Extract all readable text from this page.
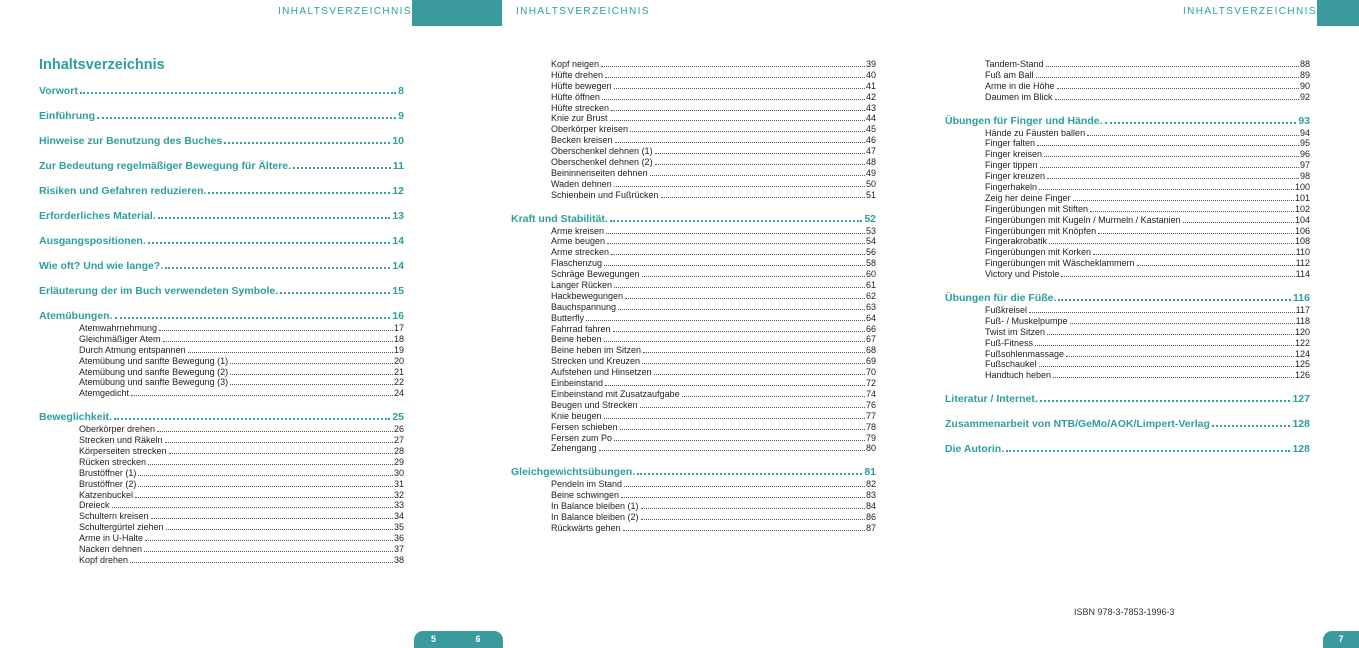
INHALTSVERZEICHNIS
Inhaltsverzeichnis
Vorwort	8
Einführung	9
Hinweise zur Benutzung des Buches	10
Zur Bedeutung regelmäßiger Bewegung für Ältere.	11
Risiken und Gefahren reduzieren.	12
Erforderliches Material.	13
Ausgangspositionen.	14
Wie oft? Und wie lange?.	14
Erläuterung der im Buch verwendeten Symbole.	15
Atemübungen.	16
Atemwahrnehmung	17
Gleichmäßiger Atem	18
Durch Atmung entspannen	19
Atemübung und sanfte Bewegung (1)	20
Atemübung und sanfte Bewegung (2)	21
Atemübung und sanfte Bewegung (3)	22
Atemgedicht	24
Beweglichkeit.	25
Oberkörper drehen	26
Strecken und Räkeln	27
Körperseiten strecken	28
Rücken strecken	29
Brustöffner (1)	30
Brustöffner (2)	31
Katzenbuckel	32
Dreieck	33
Schultern kreisen	34
Schultergürtel ziehen	35
Arme in U-Halte	36
Nacken dehnen	37
Kopf drehen	38
5
INHALTSVERZEICHNIS
Kopf neigen	39
Hüfte drehen	40
Hüfte bewegen	41
Hüfte öffnen	42
Hüfte strecken	43
Knie zur Brust	44
Oberkörper kreisen	45
Becken kreisen	46
Oberschenkel dehnen (1)	47
Oberschenkel dehnen (2)	48
Beininnenseiten dehnen	49
Waden dehnen	50
Schienbein und Fußrücken	51
Kraft und Stabilität.	52
Arme kreisen	53
Arme beugen	54
Arme strecken	56
Flaschenzug	58
Schräge Bewegungen	60
Langer Rücken	61
Hackbewegungen	62
Bauchspannung	63
Butterfly	64
Fahrrad fahren	66
Beine heben	67
Beine heben im Sitzen	68
Strecken und Kreuzen	69
Aufstehen und Hinsetzen	70
Einbeinstand	72
Einbeinstand mit Zusatzaufgabe	74
Beugen und Strecken	76
Knie beugen	77
Fersen schieben	78
Fersen zum Po	79
Zehengang	80
Gleichgewichtsübungen.	81
Pendeln im Stand	82
Beine schwingen	83
In Balance bleiben (1)	84
In Balance bleiben (2)	86
Rückwärts gehen	87
6
INHALTSVERZEICHNIS
Tandem-Stand	88
Fuß am Ball	89
Arme in die Höhe	90
Daumen im Blick	92
Übungen für Finger und Hände.	93
Hände zu Fäusten ballen	94
Finger falten	95
Finger kreisen	96
Finger tippen	97
Finger kreuzen	98
Fingerhakeln	100
Zeig her deine Finger	101
Fingerübungen mit Stiften	102
Fingerübungen mit Kugeln / Murmeln / Kastanien	104
Fingerübungen mit Knöpfen	106
Fingerakrobatik	108
Fingerübungen mit Korken	110
Fingerübungen mit Wäscheklammern	112
Victory und Pistole	114
Übungen für die Füße.	116
Fußkreisel	117
Fuß- / Muskelpumpe	118
Twist im Sitzen	120
Fuß-Fitness	122
Fußsohlenmassage	124
Fußschaukel	125
Handtuch heben	126
Literatur / Internet.	127
Zusammenarbeit von NTB/GeMo/AOK/Limpert-Verlag	128
Die Autorin.	128
ISBN 978-3-7853-1996-3
7
